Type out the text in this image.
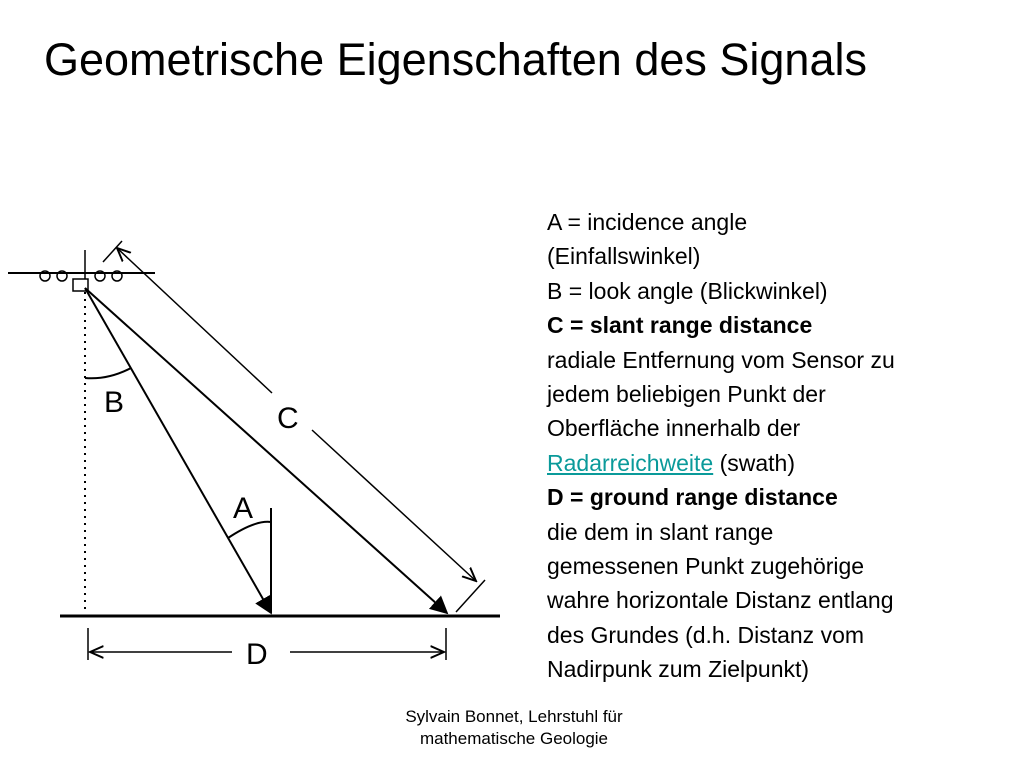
Geometrische Eigenschaften des Signals
B
A
C
D

A = incidence angle

(Einfallswinkel)

B = look angle (Blickwinkel)

C = slant range distance

radiale Entfernung vom Sensor zu

jedem beliebigen Punkt der

Oberfläche innerhalb der

Radarreichweite (swath)

D = ground range distance

die dem in slant range

gemessenen Punkt zugehörige

wahre horizontale Distanz entlang

des Grundes (d.h. Distanz vom

Nadirpunk zum Zielpunkt)

Sylvain Bonnet, Lehrstuhl für

mathematische Geologie
